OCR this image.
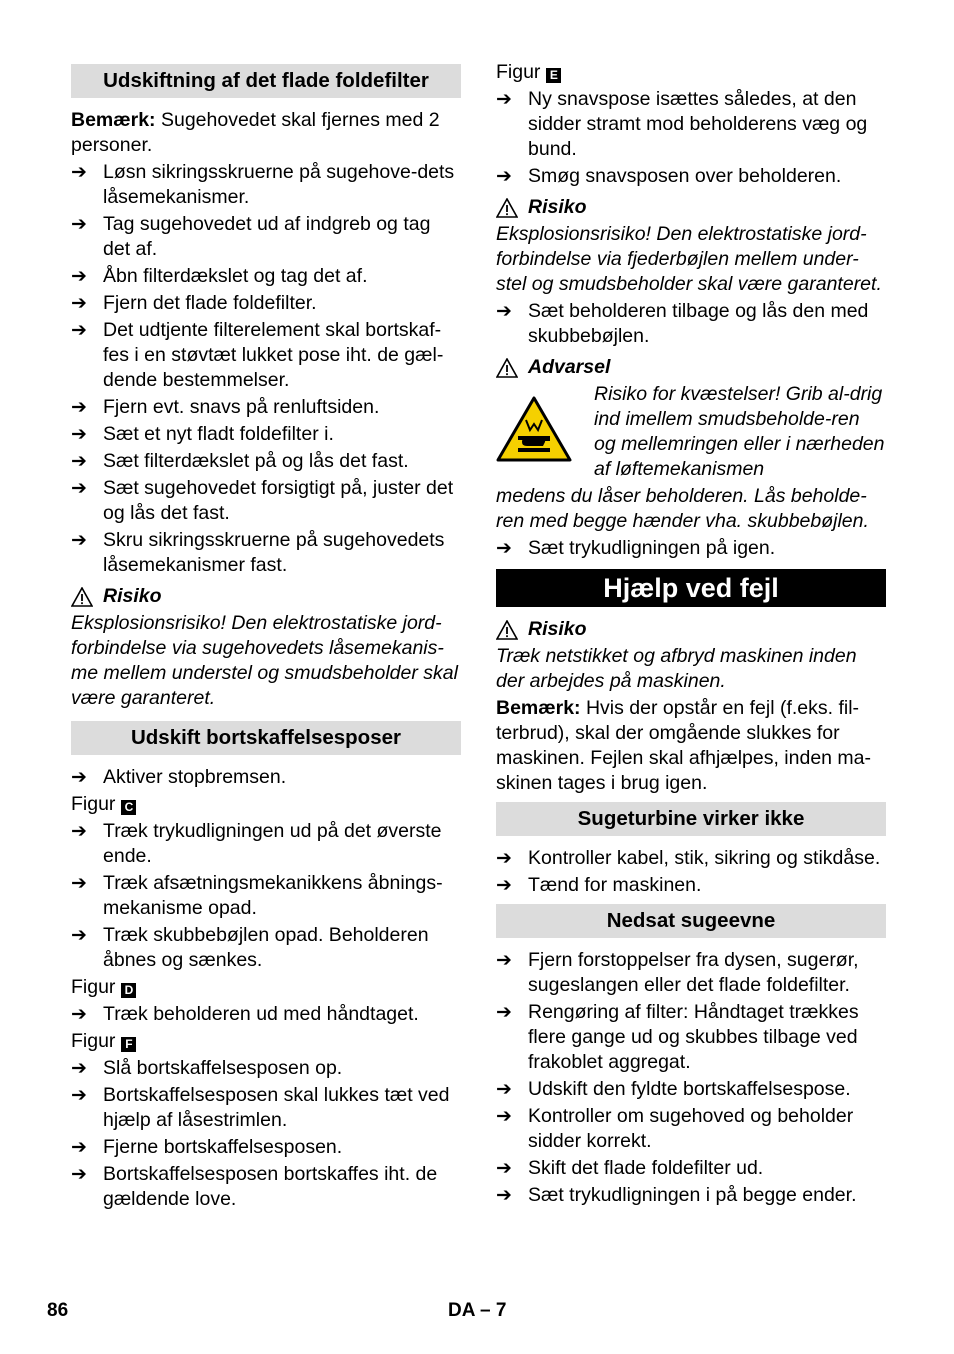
Udskiftning af det flade foldefilter
Bemærk: Sugehovedet skal fjernes med 2 personer.
➔ Løsn sikringsskruerne på sugehove-dets låsemekanismer.
➔ Tag sugehovedet ud af indgreb og tag det af.
➔ Åbn filterdækslet og tag det af.
➔ Fjern det flade foldefilter.
➔ Det udtjente filterelement skal bortskaf-fes i en støvtæt lukket pose iht. de gæl-dende bestemmelser.
➔ Fjern evt. snavs på renluftsiden.
➔ Sæt et nyt fladt foldefilter i.
➔ Sæt filterdækslet på og lås det fast.
➔ Sæt sugehovedet forsigtigt på, juster det og lås det fast.
➔ Skru sikringsskruerne på sugehovedets låsemekanismer fast.
Risiko
Eksplosionsrisiko! Den elektrostatiske jord-forbindelse via sugehovedets låsemekanis-me mellem understel og smudsbeholder skal være garanteret.
Udskift bortskaffelsesposer
➔ Aktiver stopbremsen.
Figur C
➔ Træk trykudligningen ud på det øverste ende.
➔ Træk afsætningsmekanikkens åbnings-mekanisme opad.
➔ Træk skubbebøjlen opad. Beholderen åbnes og sænkes.
Figur D
➔ Træk beholderen ud med håndtaget.
Figur F
➔ Slå bortskaffelsesposen op.
➔ Bortskaffelsesposen skal lukkes tæt ved hjælp af låsestrimlen.
➔ Fjerne bortskaffelsesposen.
➔ Bortskaffelsesposen bortskaffes iht. de gældende love.
Figur E
➔ Ny snavspose isættes således, at den sidder stramt mod beholderens væg og bund.
➔ Smøg snavsposen over beholderen.
Risiko
Eksplosionsrisiko! Den elektrostatiske jord-forbindelse via fjederbøjlen mellem under-stel og smudsbeholder skal være garanteret.
➔ Sæt beholderen tilbage og lås den med skubbebøjlen.
Advarsel
Risiko for kvæstelser! Grib al-drig ind imellem smudsbeholde-ren og mellemringen eller i nærheden af løftemekanismen
medens du låser beholderen. Lås beholde-ren med begge hænder vha. skubbebøjlen.
➔ Sæt trykudligningen på igen.
Hjælp ved fejl
Risiko
Træk netstikket og afbryd maskinen inden der arbejdes på maskinen.
Bemærk: Hvis der opstår en fejl (f.eks. fil-terbrud), skal der omgående slukkes for maskinen. Fejlen skal afhjælpes, inden ma-skinen tages i brug igen.
Sugeturbine virker ikke
➔ Kontroller kabel, stik, sikring og stikdåse.
➔ Tænd for maskinen.
Nedsat sugeevne
➔ Fjern forstoppelser fra dysen, sugerør, sugeslangen eller det flade foldefilter.
➔ Rengøring af filter: Håndtaget trækkes flere gange ud og skubbes tilbage ved frakoblet aggregat.
➔ Udskift den fyldte bortskaffelsespose.
➔ Kontroller om sugehoved og beholder sidder korrekt.
➔ Skift det flade foldefilter ud.
➔ Sæt trykudligningen i på begge ender.
86	DA – 7
